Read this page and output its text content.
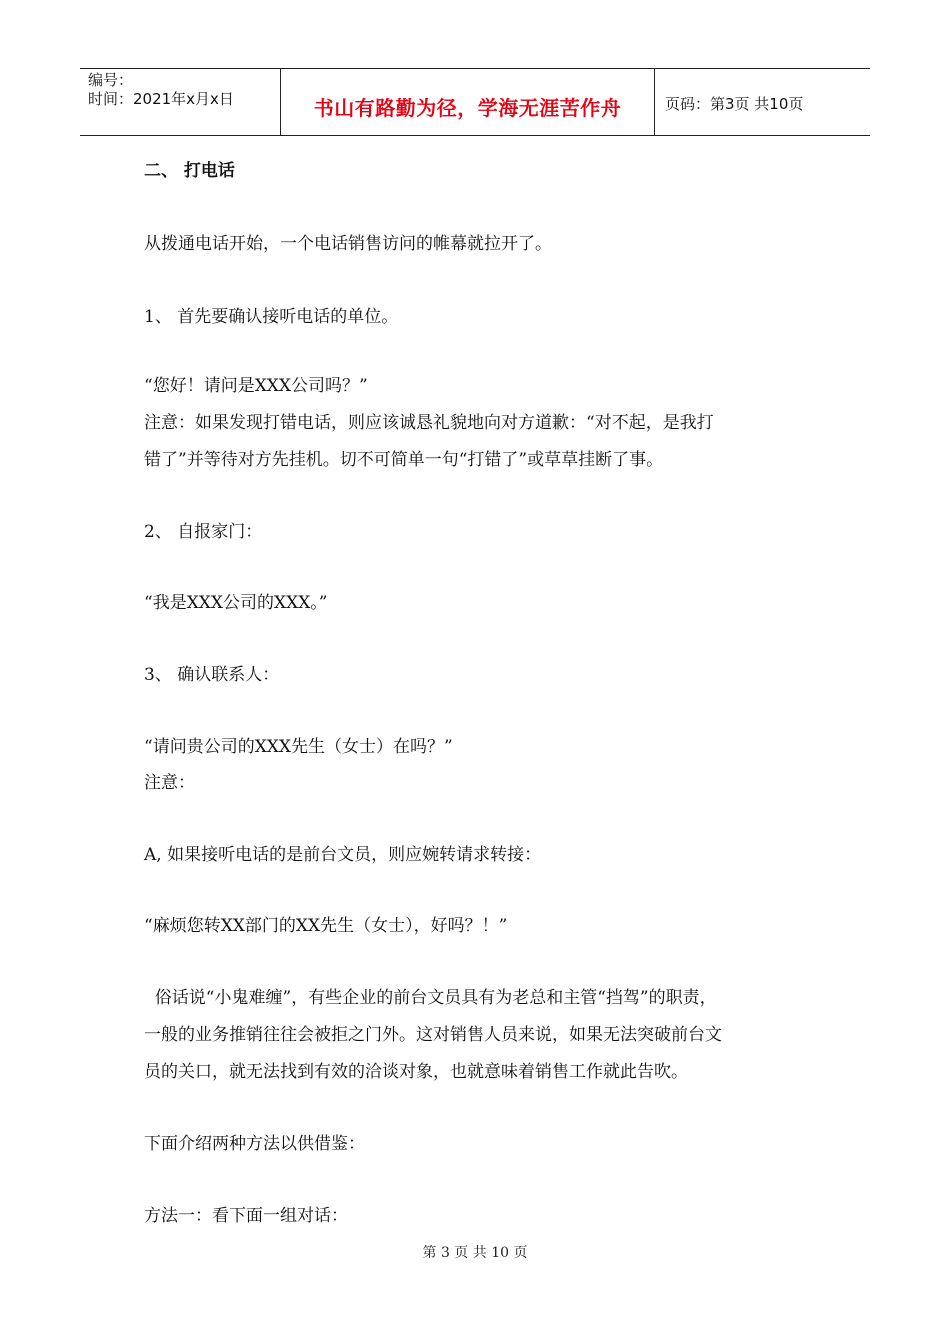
编号：
时间：2021年x月x日	书山有路勤为径，学海无涯苦作舟	页码：第3页 共10页

二、 打电话

从拨通电话开始，一个电话销售访问的帷幕就拉开了。

1、 首先要确认接听电话的单位。

“您好！请问是XXX公司吗？”

注意：如果发现打错电话，则应该诚恳礼貌地向对方道歉：“对不起，是我打

错了”并等待对方先挂机。切不可简单一句“打错了”或草草挂断了事。

2、 自报家门：

“我是XXX公司的XXX。”

3、 确认联系人：

“请问贵公司的XXX先生（女士）在吗？”

注意：

A, 如果接听电话的是前台文员，则应婉转请求转接：

“麻烦您转XX部门的XX先生（女士），好吗？！”

俗话说“小鬼难缠”，有些企业的前台文员具有为老总和主管“挡驾”的职责，

一般的业务推销往往会被拒之门外。这对销售人员来说，如果无法突破前台文

员的关口，就无法找到有效的洽谈对象，也就意味着销售工作就此告吹。

下面介绍两种方法以供借鉴：

方法一：看下面一组对话：

第 3 页 共 10 页
